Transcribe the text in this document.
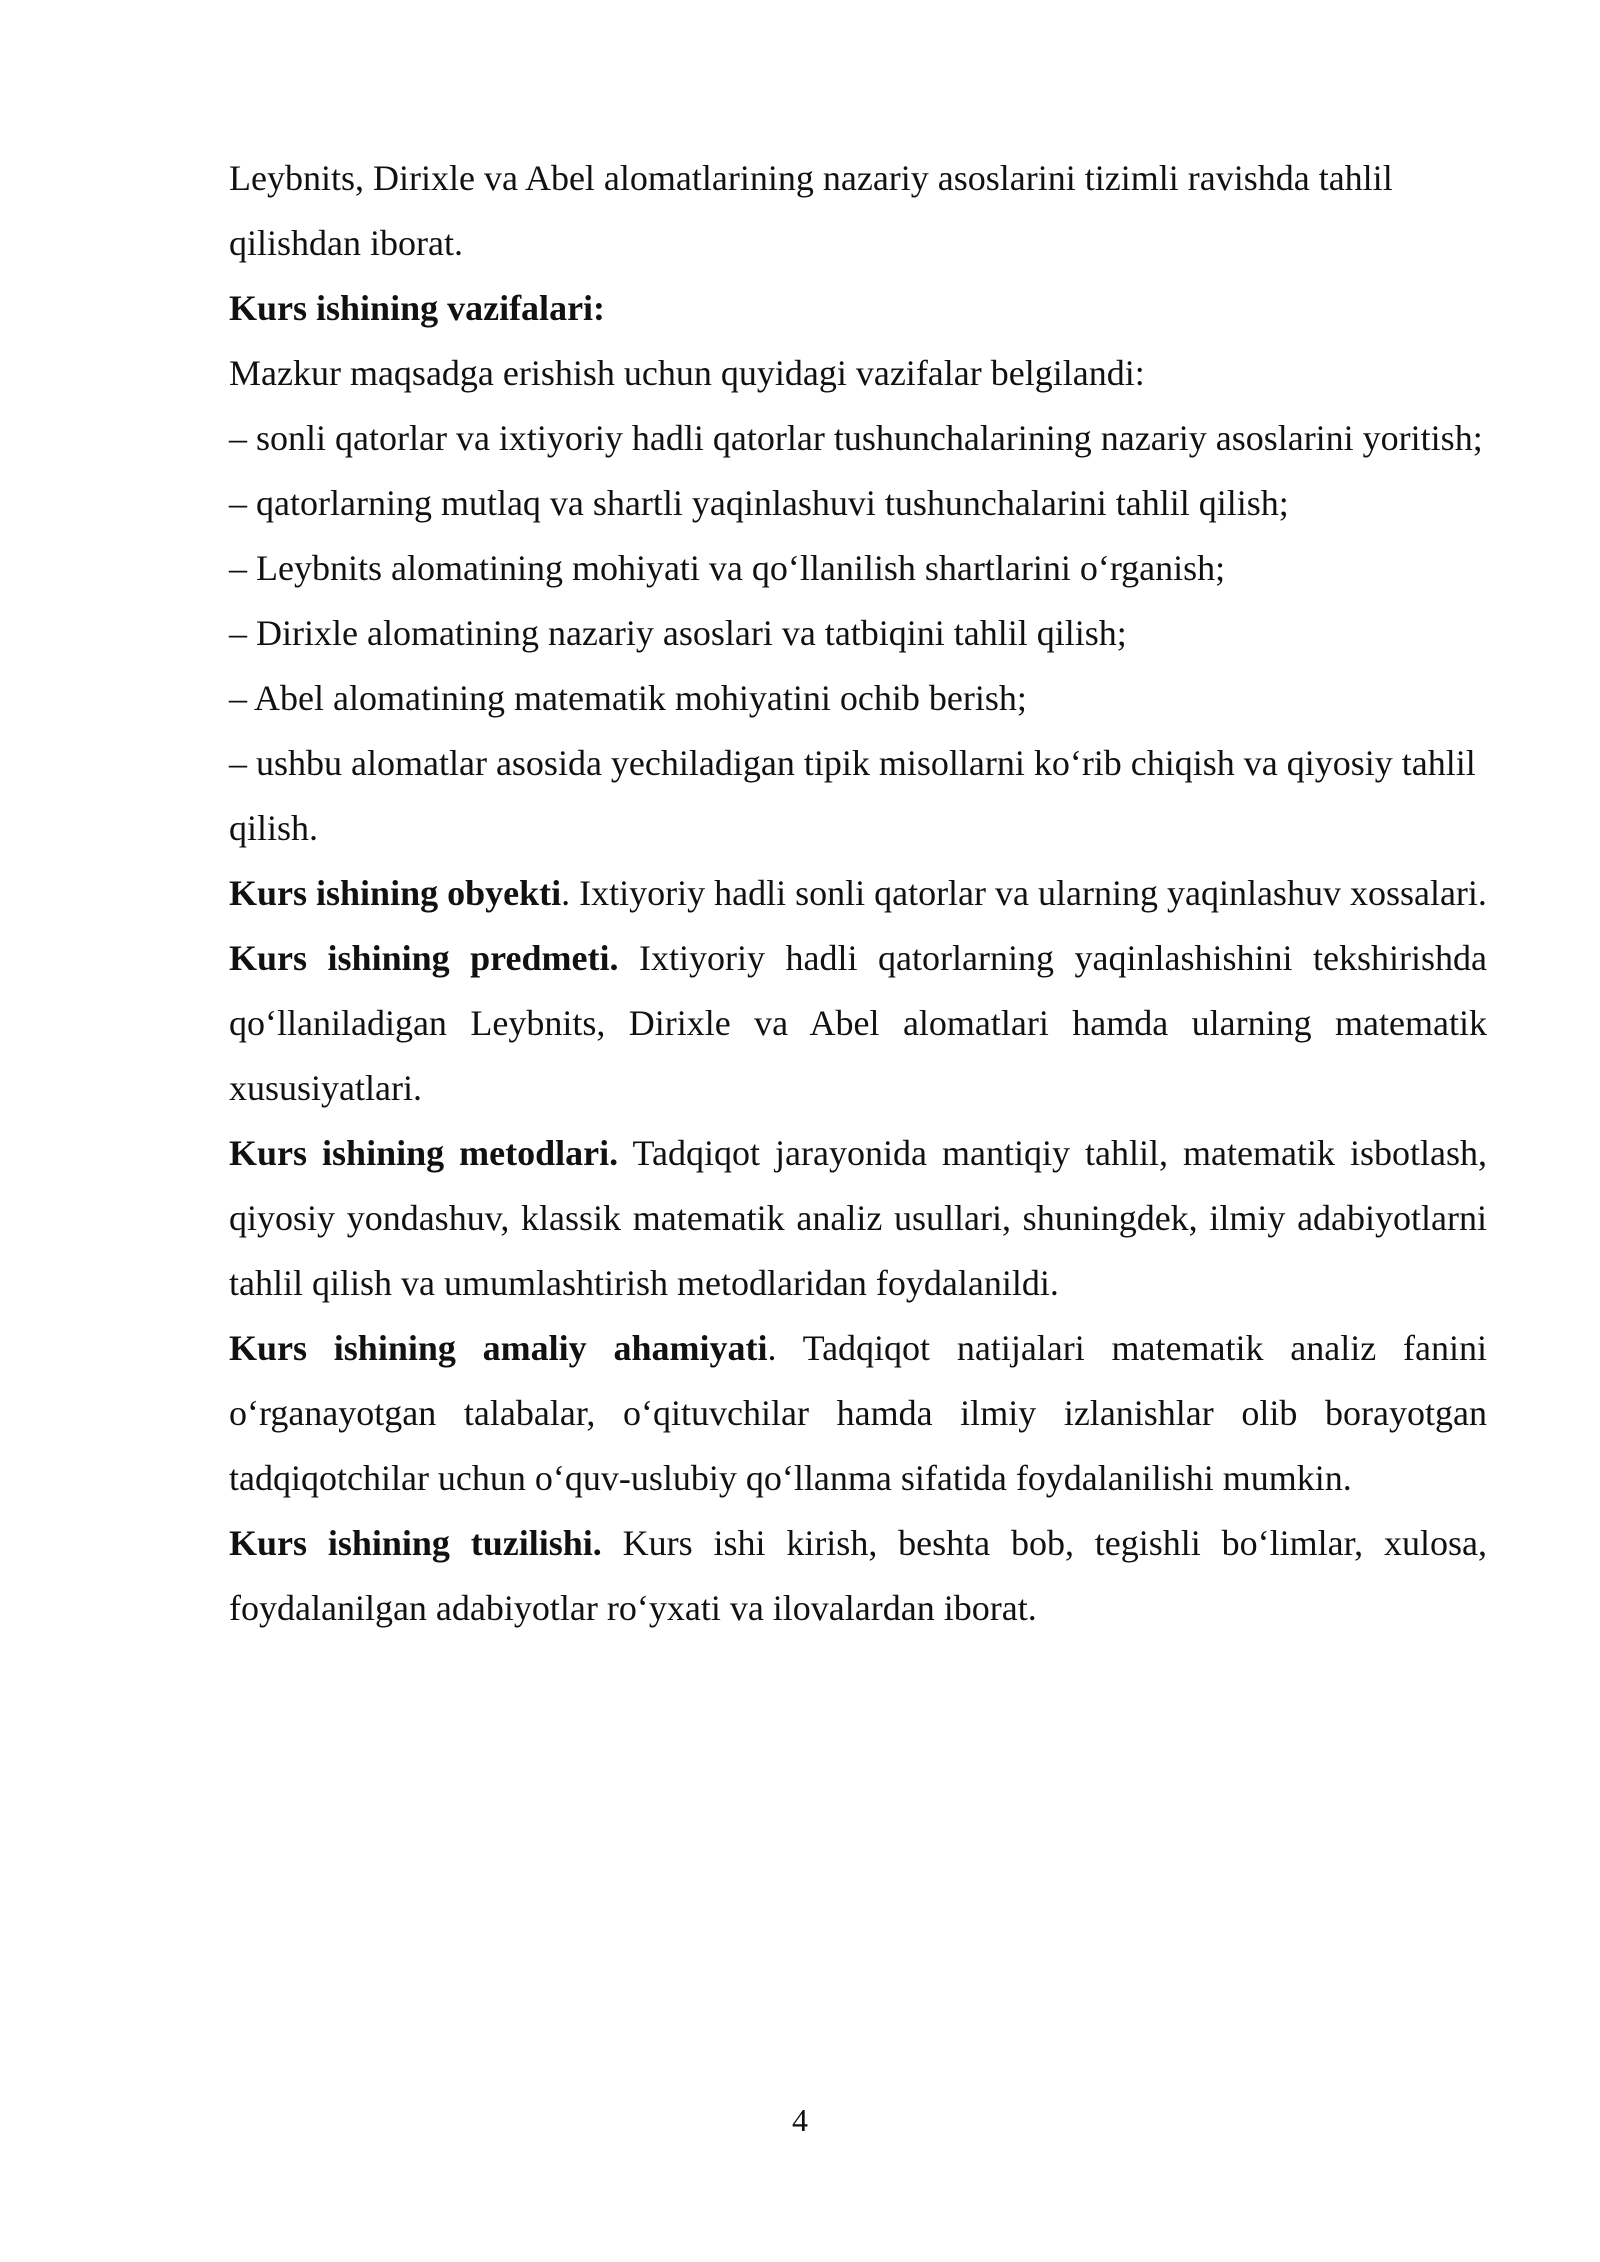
Leybnits, Dirixle va Abel alomatlarining nazariy asoslarini tizimli ravishda tahlil qilishdan iborat.

Kurs ishining vazifalari:

Mazkur maqsadga erishish uchun quyidagi vazifalar belgilandi:

– sonli qatorlar va ixtiyoriy hadli qatorlar tushunchalarining nazariy asoslarini yoritish;

– qatorlarning mutlaq va shartli yaqinlashuvi tushunchalarini tahlil qilish;

– Leybnits alomatining mohiyati va qo‘llanilish shartlarini o‘rganish;

– Dirixle alomatining nazariy asoslari va tatbiqini tahlil qilish;

– Abel alomatining matematik mohiyatini ochib berish;

– ushbu alomatlar asosida yechiladigan tipik misollarni ko‘rib chiqish va qiyosiy tahlil qilish.

Kurs ishining obyekti. Ixtiyoriy hadli sonli qatorlar va ularning yaqinlashuv xossalari.

Kurs ishining predmeti. Ixtiyoriy hadli qatorlarning yaqinlashishini tekshirishda qo‘llaniladigan Leybnits, Dirixle va Abel alomatlari hamda ularning matematik xususiyatlari.

Kurs ishining metodlari. Tadqiqot jarayonida mantiqiy tahlil, matematik isbotlash, qiyosiy yondashuv, klassik matematik analiz usullari, shuningdek, ilmiy adabiyotlarni tahlil qilish va umumlashtirish metodlaridan foydalanildi.

Kurs ishining amaliy ahamiyati. Tadqiqot natijalari matematik analiz fanini o‘rganayotgan talabalar, o‘qituvchilar hamda ilmiy izlanishlar olib borayotgan tadqiqotchilar uchun o‘quv-uslubiy qo‘llanma sifatida foydalanilishi mumkin.

Kurs ishining tuzilishi. Kurs ishi kirish, beshta bob, tegishli bo‘limlar, xulosa, foydalanilgan adabiyotlar ro‘yxati va ilovalardan iborat.

4
